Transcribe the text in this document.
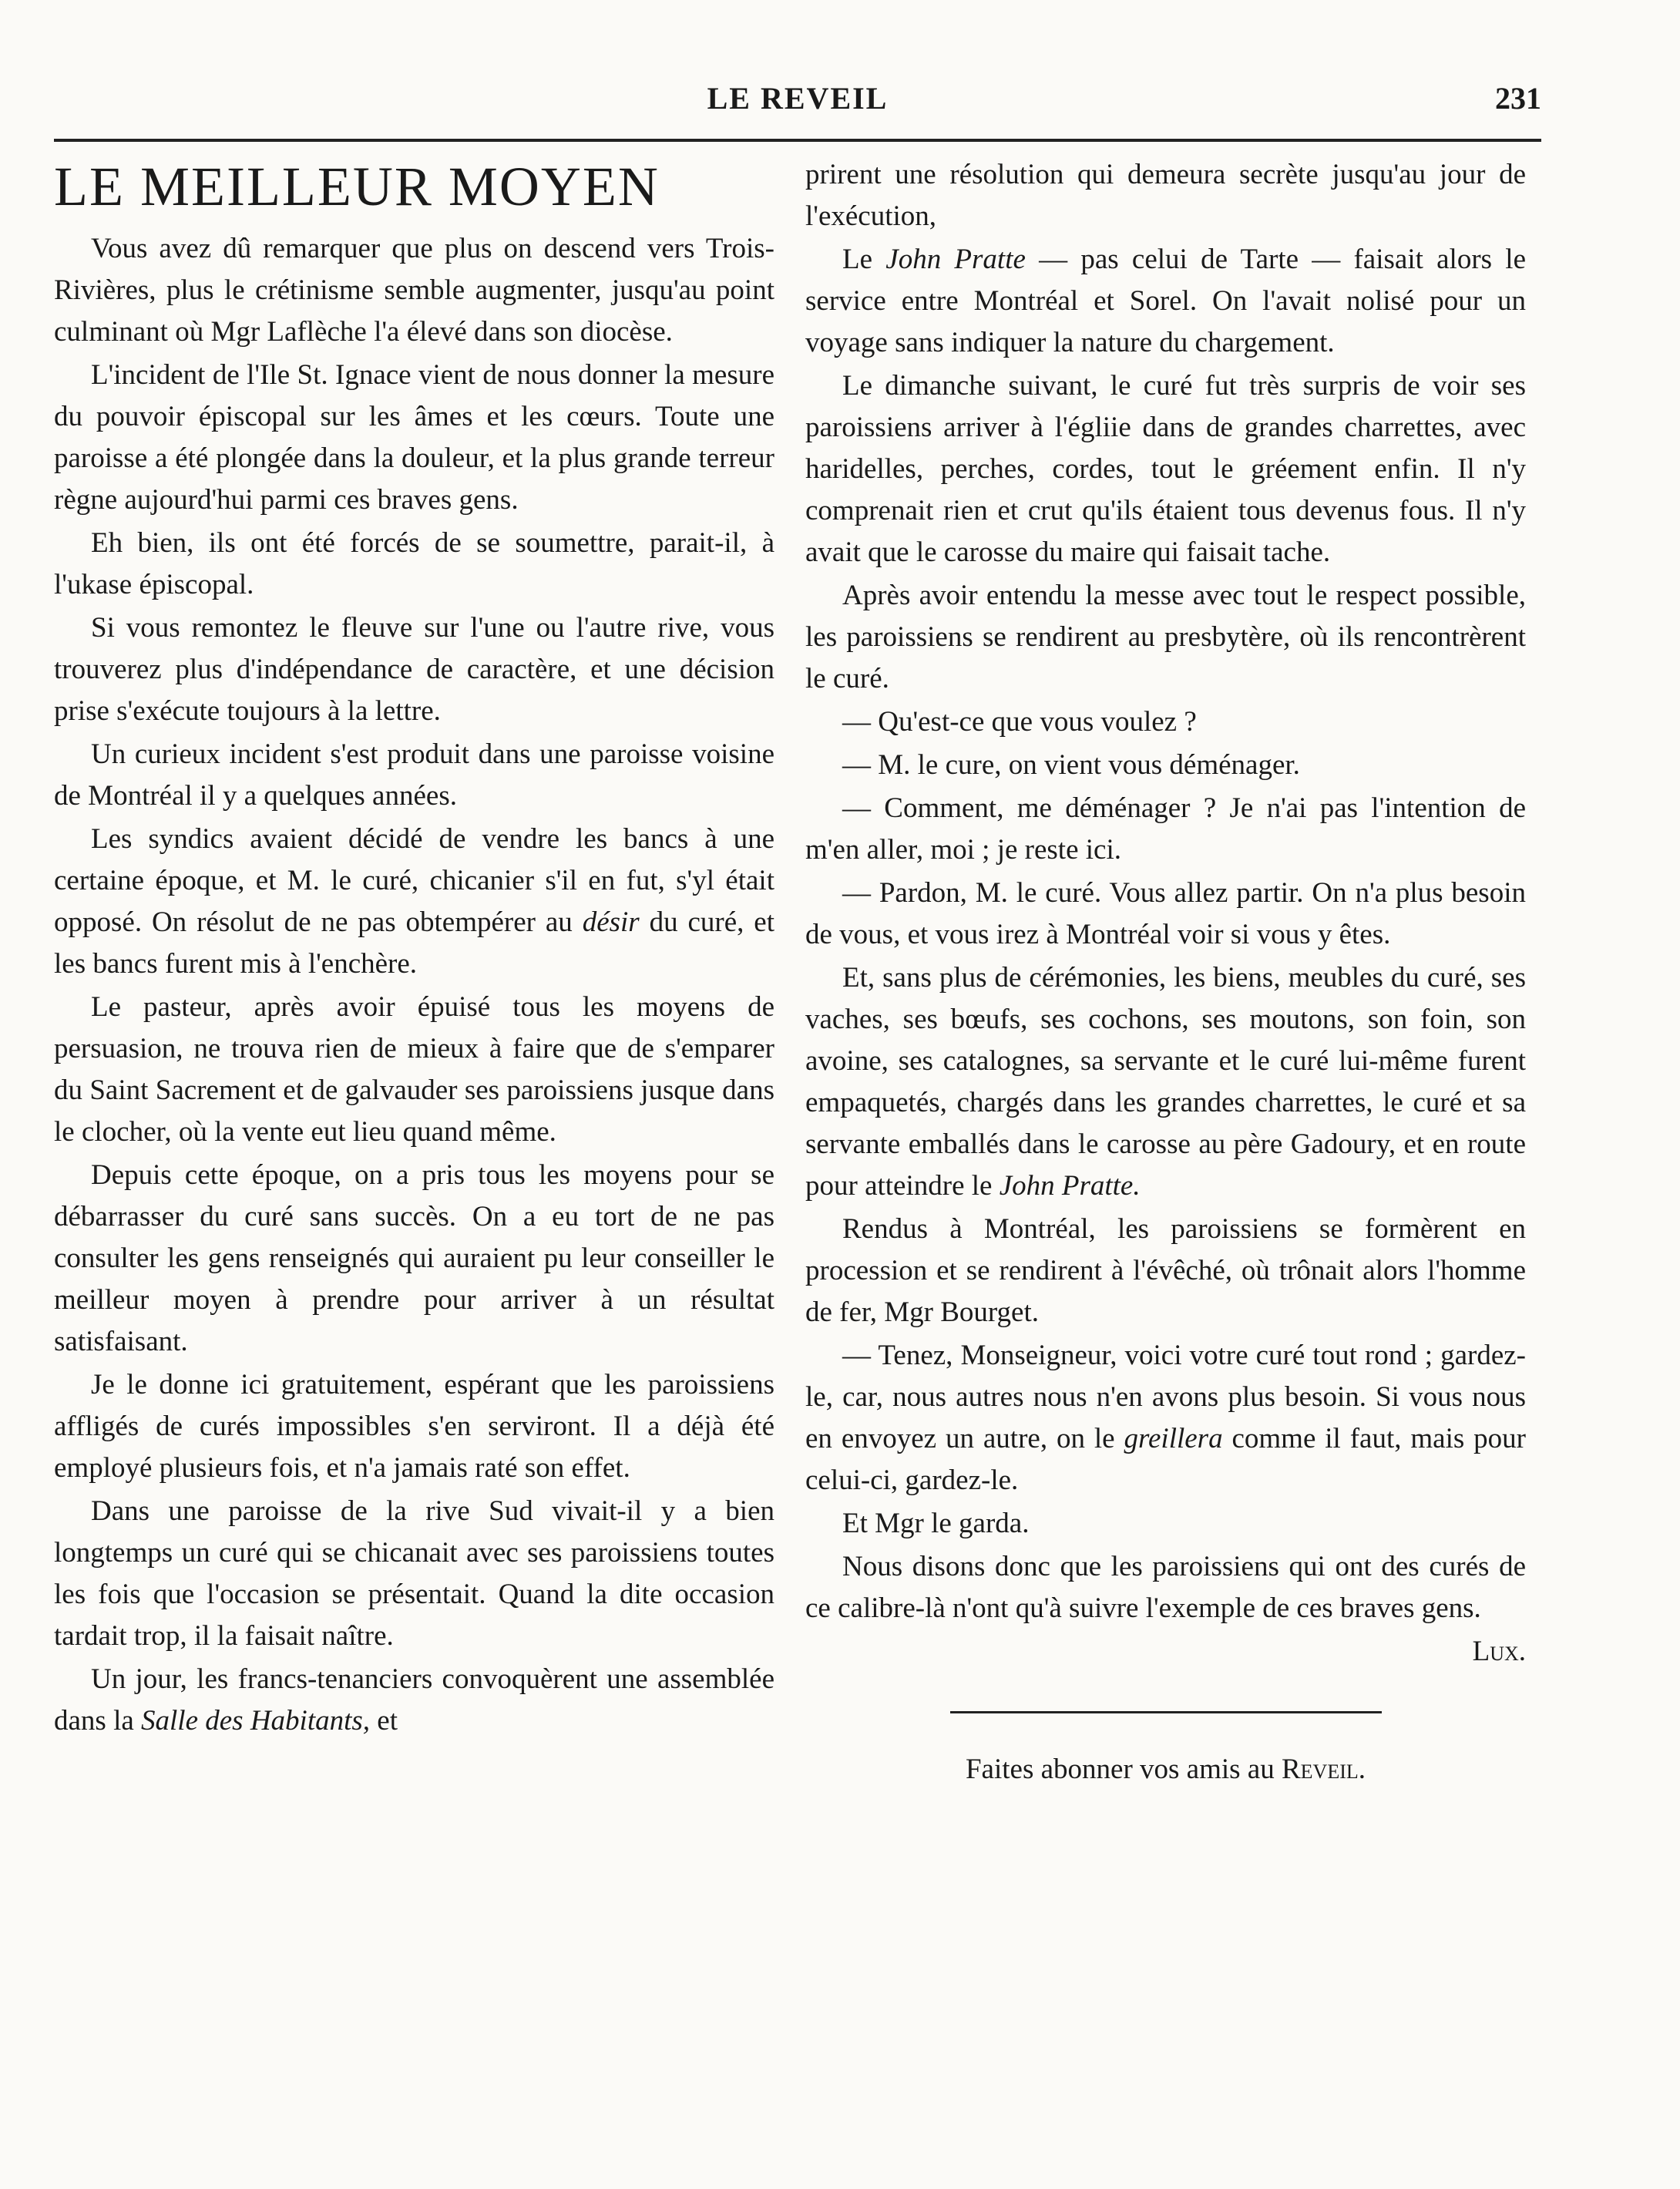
LE REVEIL	231
LE MEILLEUR MOYEN

Vous avez dû remarquer que plus on descend vers Trois-Rivières, plus le crétinisme semble augmenter, jusqu'au point culminant où Mgr Laflèche l'a élevé dans son diocèse.

L'incident de l'Ile St. Ignace vient de nous donner la mesure du pouvoir épiscopal sur les âmes et les cœurs. Toute une paroisse a été plongée dans la douleur, et la plus grande terreur règne aujourd'hui parmi ces braves gens.

Eh bien, ils ont été forcés de se soumettre, parait-il, à l'ukase épiscopal.

Si vous remontez le fleuve sur l'une ou l'autre rive, vous trouverez plus d'indépendance de caractère, et une décision prise s'exécute toujours à la lettre.

Un curieux incident s'est produit dans une paroisse voisine de Montréal il y a quelques années.

Les syndics avaient décidé de vendre les bancs à une certaine époque, et M. le curé, chicanier s'il en fut, s'yl était opposé. On résolut de ne pas obtempérer au désir du curé, et les bancs furent mis à l'enchère.

Le pasteur, après avoir épuisé tous les moyens de persuasion, ne trouva rien de mieux à faire que de s'emparer du Saint Sacrement et de galvauder ses paroissiens jusque dans le clocher, où la vente eut lieu quand même.

Depuis cette époque, on a pris tous les moyens pour se débarrasser du curé sans succès. On a eu tort de ne pas consulter les gens renseignés qui auraient pu leur conseiller le meilleur moyen à prendre pour arriver à un résultat satisfaisant.

Je le donne ici gratuitement, espérant que les paroissiens affligés de curés impossibles s'en serviront. Il a déjà été employé plusieurs fois, et n'a jamais raté son effet.

Dans une paroisse de la rive Sud vivait-il y a bien longtemps un curé qui se chicanait avec ses paroissiens toutes les fois que l'occasion se présentait. Quand la dite occasion tardait trop, il la faisait naître.

Un jour, les francs-tenanciers convoquèrent une assemblée dans la Salle des Habitants, et

prirent une résolution qui demeura secrète jusqu'au jour de l'exécution,

Le John Pratte — pas celui de Tarte — faisait alors le service entre Montréal et Sorel. On l'avait nolisé pour un voyage sans indiquer la nature du chargement.

Le dimanche suivant, le curé fut très surpris de voir ses paroissiens arriver à l'égliie dans de grandes charrettes, avec haridelles, perches, cordes, tout le gréement enfin. Il n'y comprenait rien et crut qu'ils étaient tous devenus fous. Il n'y avait que le carosse du maire qui faisait tache.

Après avoir entendu la messe avec tout le respect possible, les paroissiens se rendirent au presbytère, où ils rencontrèrent le curé.

— Qu'est-ce que vous voulez ?

— M. le cure, on vient vous déménager.

— Comment, me déménager ? Je n'ai pas l'intention de m'en aller, moi ; je reste ici.

— Pardon, M. le curé. Vous allez partir. On n'a plus besoin de vous, et vous irez à Montréal voir si vous y êtes.

Et, sans plus de cérémonies, les biens, meubles du curé, ses vaches, ses bœufs, ses cochons, ses moutons, son foin, son avoine, ses catalognes, sa servante et le curé lui-même furent empaquetés, chargés dans les grandes charrettes, le curé et sa servante emballés dans le carosse au père Gadoury, et en route pour atteindre le John Pratte.

Rendus à Montréal, les paroissiens se formèrent en procession et se rendirent à l'évêché, où trônait alors l'homme de fer, Mgr Bourget.

— Tenez, Monseigneur, voici votre curé tout rond ; gardez-le, car, nous autres nous n'en avons plus besoin. Si vous nous en envoyez un autre, on le greillera comme il faut, mais pour celui-ci, gardez-le.

Et Mgr le garda.

Nous disons donc que les paroissiens qui ont des curés de ce calibre-là n'ont qu'à suivre l'exemple de ces braves gens.

Lux.

Faites abonner vos amis au Reveil.
